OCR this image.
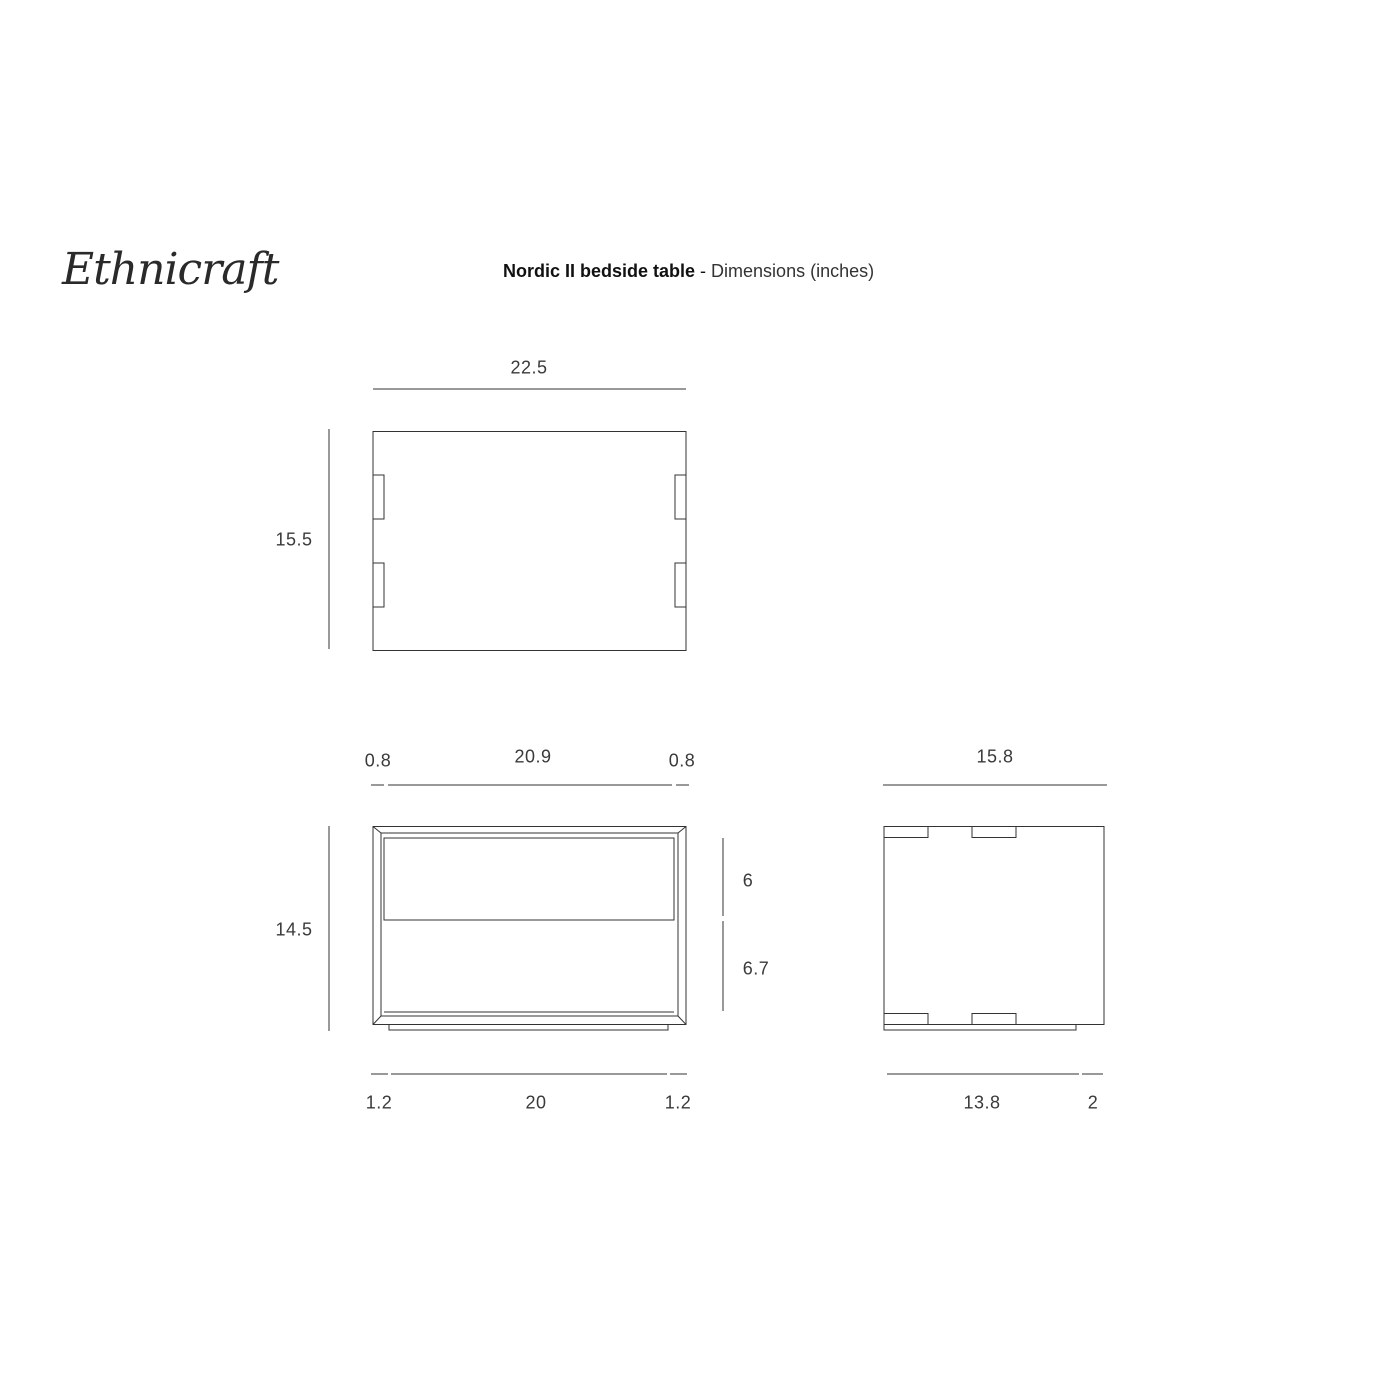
Ethnicraft	Nordic II bedside table - Dimensions (inches)
22.5
15.5
0.8	20.9	0.8
14.5
6
6.7
1.2	20	1.2
15.8
13.8	2
